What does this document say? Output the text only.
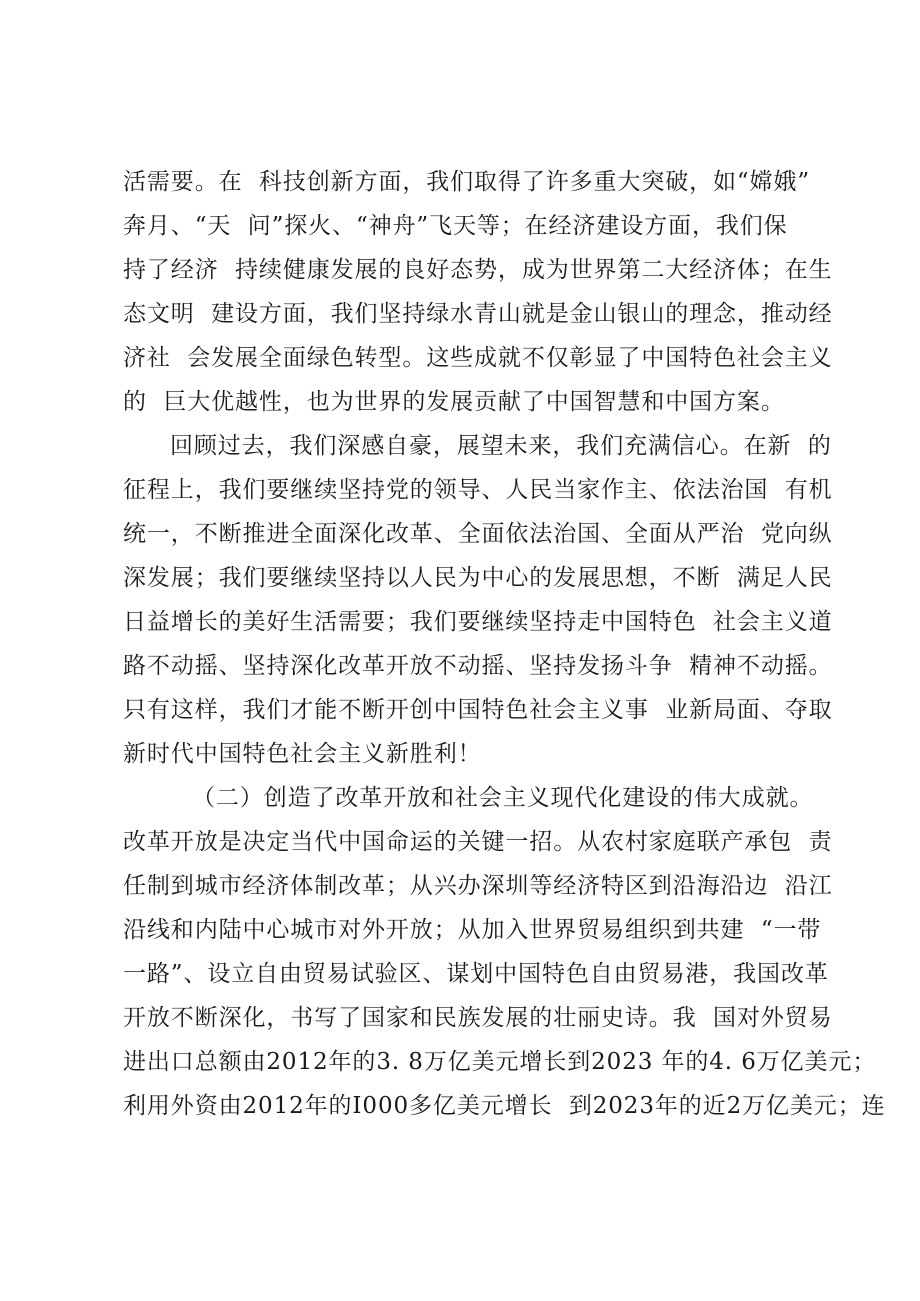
活需要。在  科技创新方面，我们取得了许多重大突破，如“嫦娥”
奔月、“天  问”探火、“神舟”飞天等；在经济建设方面，我们保
持了经济  持续健康发展的良好态势，成为世界第二大经济体；在生
态文明  建设方面，我们坚持绿水青山就是金山银山的理念，推动经
济社  会发展全面绿色转型。这些成就不仅彰显了中国特色社会主义
的  巨大优越性，也为世界的发展贡献了中国智慧和中国方案。
回顾过去，我们深感自豪，展望未来，我们充满信心。在新  的
征程上，我们要继续坚持党的领导、人民当家作主、依法治国  有机
统一，不断推进全面深化改革、全面依法治国、全面从严治  党向纵
深发展；我们要继续坚持以人民为中心的发展思想，不断  满足人民
日益增长的美好生活需要；我们要继续坚持走中国特色  社会主义道
路不动摇、坚持深化改革开放不动摇、坚持发扬斗争  精神不动摇。
只有这样，我们才能不断开创中国特色社会主义事  业新局面、夺取
新时代中国特色社会主义新胜利！
（二）创造了改革开放和社会主义现代化建设的伟大成就。
改革开放是决定当代中国命运的关键一招。从农村家庭联产承包  责
任制到城市经济体制改革；从兴办深圳等经济特区到沿海沿边  沿江
沿线和内陆中心城市对外开放；从加入世界贸易组织到共建  “一带
一路”、设立自由贸易试验区、谋划中国特色自由贸易港，我国改革
开放不断深化，书写了国家和民族发展的壮丽史诗。我  国对外贸易
进出口总额由2012年的3. 8万亿美元增长到2023 年的4. 6万亿美元；
利用外资由2012年的I000多亿美元增长  到2023年的近2万亿美元；连
